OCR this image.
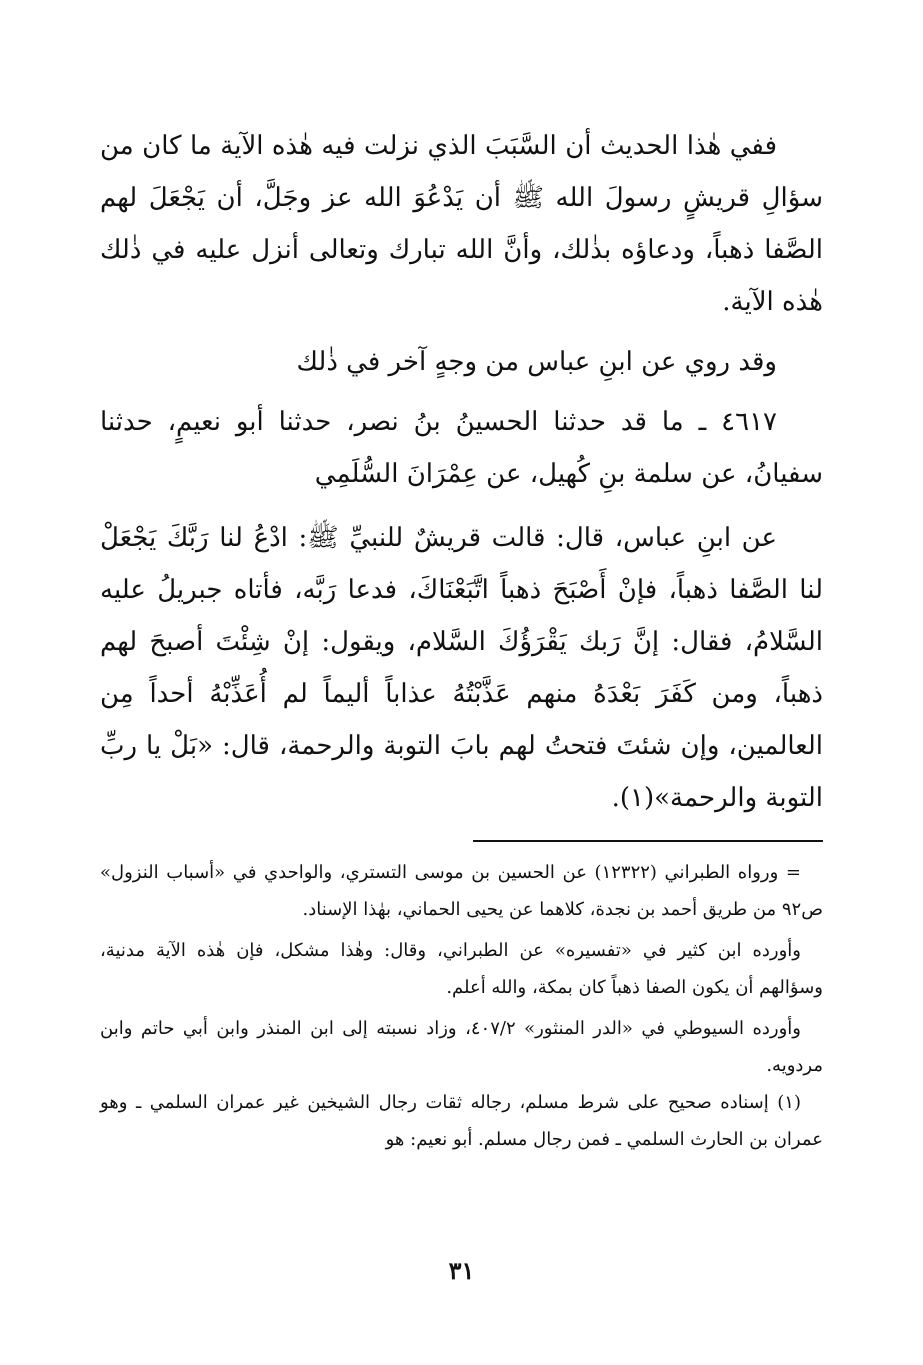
ففي هٰذا الحديث أن السَّبَبَ الذي نزلت فيه هٰذه الآية ما كان من سؤالِ قريشٍ رسولَ الله ﷺ أن يَدْعُوَ الله عز وجَلَّ، أن يَجْعَلَ لهم الصَّفا ذهباً، ودعاؤه بذٰلك، وأنَّ الله تبارك وتعالى أنزل عليه في ذٰلك هٰذه الآية.

وقد روي عن ابنِ عباس من وجهٍ آخر في ذٰلك

٤٦١٧ ـ ما قد حدثنا الحسينُ بنُ نصر، حدثنا أبو نعيمٍ، حدثنا سفيانُ، عن سلمة بنِ كُهيل، عن عِمْرَانَ السُّلَمِي

عن ابنِ عباس، قال: قالت قريشٌ للنبيِّ ﷺ: ادْعُ لنا رَبَّكَ يَجْعَلْ لنا الصَّفا ذهباً، فإنْ أَصْبَحَ ذهباً اتَّبَعْنَاكَ، فدعا رَبَّه، فأتاه جبريلُ عليه السَّلامُ، فقال: إنَّ رَبك يَقْرَؤُكَ السَّلام، ويقول: إنْ شِئْتَ أصبحَ لهم ذهباً، ومن كَفَرَ بَعْدَهُ منهم عَذَّبْتُهُ عذاباً أليماً لم أُعَذِّبْهُ أحداً مِن العالمين، وإن شئتَ فتحتُ لهم بابَ التوبة والرحمة، قال: «بَلْ يا ربِّ التوبة والرحمة»(١).

= ورواه الطبراني (١٢٣٢٢) عن الحسين بن موسى التستري، والواحدي في «أسباب النزول» ص٩٢ من طريق أحمد بن نجدة، كلاهما عن يحيى الحماني، بهٰذا الإسناد.

وأورده ابن كثير في «تفسيره» عن الطبراني، وقال: وهٰذا مشكل، فإن هٰذه الآية مدنية، وسؤالهم أن يكون الصفا ذهباً كان بمكة، والله أعلم.

وأورده السيوطي في «الدر المنثور» ٤٠٧/٢، وزاد نسبته إلى ابن المنذر وابن أبي حاتم وابن مردويه.

(١) إسناده صحيح على شرط مسلم، رجاله ثقات رجال الشيخين غير عمران السلمي ـ وهو عمران بن الحارث السلمي ـ فمن رجال مسلم. أبو نعيم: هو

٣١
